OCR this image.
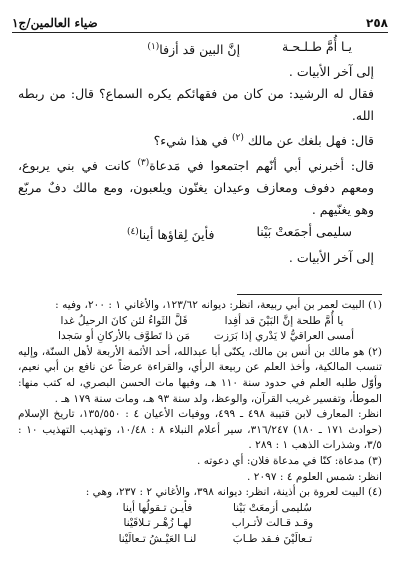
٢٥٨
ضياء العالمين/ج١
يـا أُمَّ طـلـحـة
إنَّ البين قد أزفا$^{(١)}$

إلى آخر الأبيات .

فقال له الرشيد: من كان من فقهائكم يكره السماع؟ قال: من ربطه الله.

قال: فهل بلغك عن مالك $^{(٢)}$ في هذا شيء؟

قال: أخبرني أبي أنّهم اجتمعوا في مَدعاة$^{(٣)}$ كانت في بني يربوع، ومعهم دفوف ومعازف وعيدان يغنّون ويلعبون، ومع مالك دفٌ مربّع وهو يغنّيهم .

سليمى أجمَعتْ بَيْنا
فأينَ لِقاؤها أينا$^{(٤)}$

إلى آخر الأبيات .

(١) البيت لعمر بن أبي ربيعة، انظر: ديوانه ١٢٣/٦٢، والأغاني ١ : ٢٠٠، وفيه :

يا أُمَّ طلحة إنَّ البَيْنَ قد أفِدا
قَلَّ الثَواءُ لئن كانَ الرحيلُ غدا
أمسى العراقيُّ لا يَدْري إذا بَرَزت
مَن ذا تَطوَّف بالأركانِ أو سَجدا

(٢) هو مالك بن أنس بن مالك، يكنّى أبا عبدالله، أحد الأئمة الأربعة لأهل السنّة، وإليه تنسب المالكية، وأخذ العلم عن ربيعة الرأي، والقراءة عرضاً عن نافع بن أبي نعيم، وأوّل طلبه العلم في حدود سنة ١١٠ هـ، وفيها مات الحسن البصري، له كتب منها: الموطأ، وتفسير غريب القرآن، والوعظ، ولد سنة ٩٣ هـ، ومات سنة ١٧٩ هـ .

انظر: المعارف لابن قتيبة ٤٩٨ ـ ٤٩٩، ووفيات الأعيان ٤ : ١٣٥/٥٥٠، تاريخ الإسلام (حوادث ١٧١ ـ ١٨٠) ٣١٦/٢٤٧، سير أعلام النبلاء ٨ : ١٠/٤٨، وتهذيب التهذيب ١٠ : ٣/٥، وشذرات الذهب ١ : ٢٨٩ .

(٣) مدعاة: كنّا في مدعاة فلان: أي دعوته .

انظر: شمس العلوم ٤ : ٢٠٩٧ .

(٤) البيت لعروة بن أذينة، انظر: ديوانه ٣٩٨، والأغاني ٢ : ٢٣٧، وهي :

سُليمى أزمعَتْ بَيْنا
فأيـن تـقولُها أينا
وقـد قـالت لأتـراب
لهـا زُهْـر تـلاقَيْنا
تـعالَيْنَ فـقد طـابَ
لنـا العَيْـشُ تـعالَيْنا
